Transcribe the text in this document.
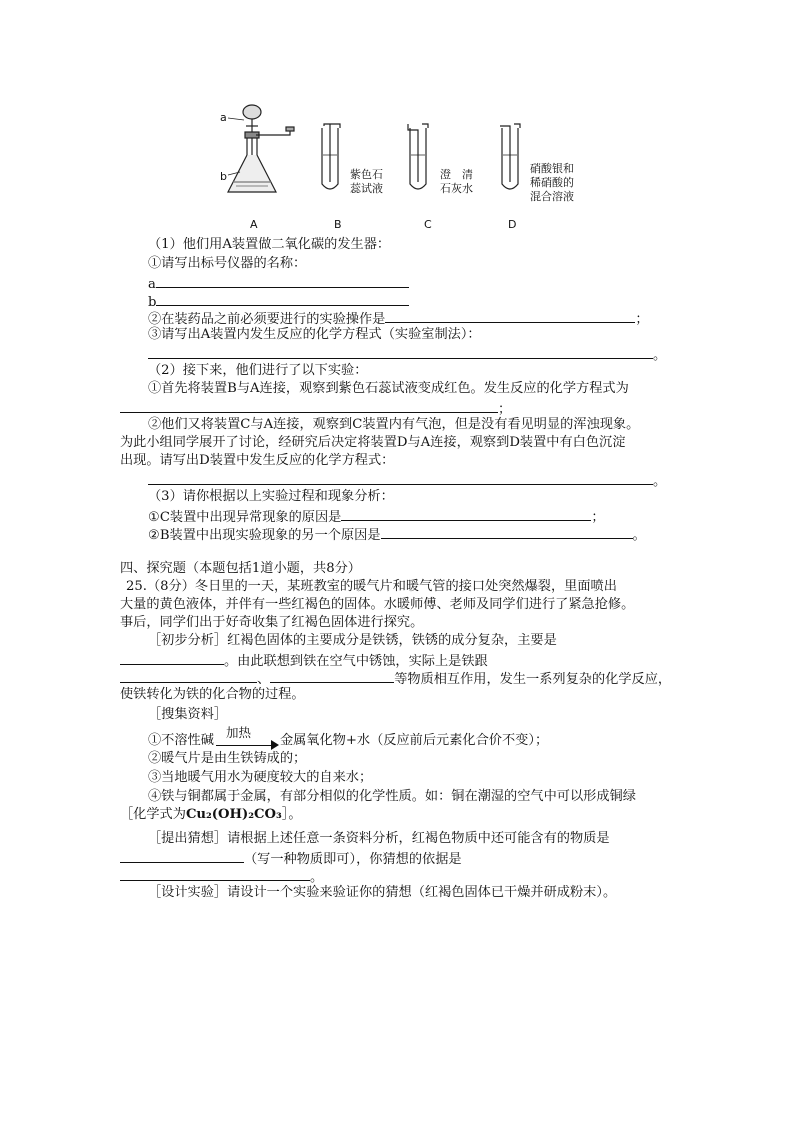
a
b	紫色石
蕊试液
澄　清
石灰水
硝酸银和
稀硝酸的
混合溶液
A	B	C	D
（1）他们用A装置做二氧化碳的发生器：
①请写出标号仪器的名称：
a
b
②在装药品之前必须要进行的实验操作是	；
③请写出A装置内发生反应的化学方程式（实验室制法）：
。
（2）接下来，他们进行了以下实验：
①首先将装置B与A连接，观察到紫色石蕊试液变成红色。发生反应的化学方程式为
；
②他们又将装置C与A连接，观察到C装置内有气泡，但是没有看见明显的浑浊现象。
为此小组同学展开了讨论，经研究后决定将装置D与A连接，观察到D装置中有白色沉淀
出现。请写出D装置中发生反应的化学方程式：
。
（3）请你根据以上实验过程和现象分析：
①C装置中出现异常现象的原因是	；
②B装置中出现实验现象的另一个原因是	。
四、探究题（本题包括1道小题，共8分）
25.（8分）冬日里的一天，某班教室的暖气片和暖气管的接口处突然爆裂，里面喷出
大量的黄色液体，并伴有一些红褐色的固体。水暖师傅、老师及同学们进行了紧急抢修。
事后，同学们出于好奇收集了红褐色固体进行探究。
［初步分析］红褐色固体的主要成分是铁锈，铁锈的成分复杂，主要是
。由此联想到铁在空气中锈蚀，实际上是铁跟
、	等物质相互作用，发生一系列复杂的化学反应，
使铁转化为铁的化合物的过程。
［搜集资料］
①不溶性碱
加热
金属氧化物+水（反应前后元素化合价不变）；
②暖气片是由生铁铸成的；
③当地暖气用水为硬度较大的自来水；
④铁与铜都属于金属，有部分相似的化学性质。如：铜在潮湿的空气中可以形成铜绿
［化学式为Cu₂(OH)₂CO₃］。
［提出猜想］请根据上述任意一条资料分析，红褐色物质中还可能含有的物质是
（写一种物质即可），你猜想的依据是
。
［设计实验］请设计一个实验来验证你的猜想（红褐色固体已干燥并研成粉末）。
